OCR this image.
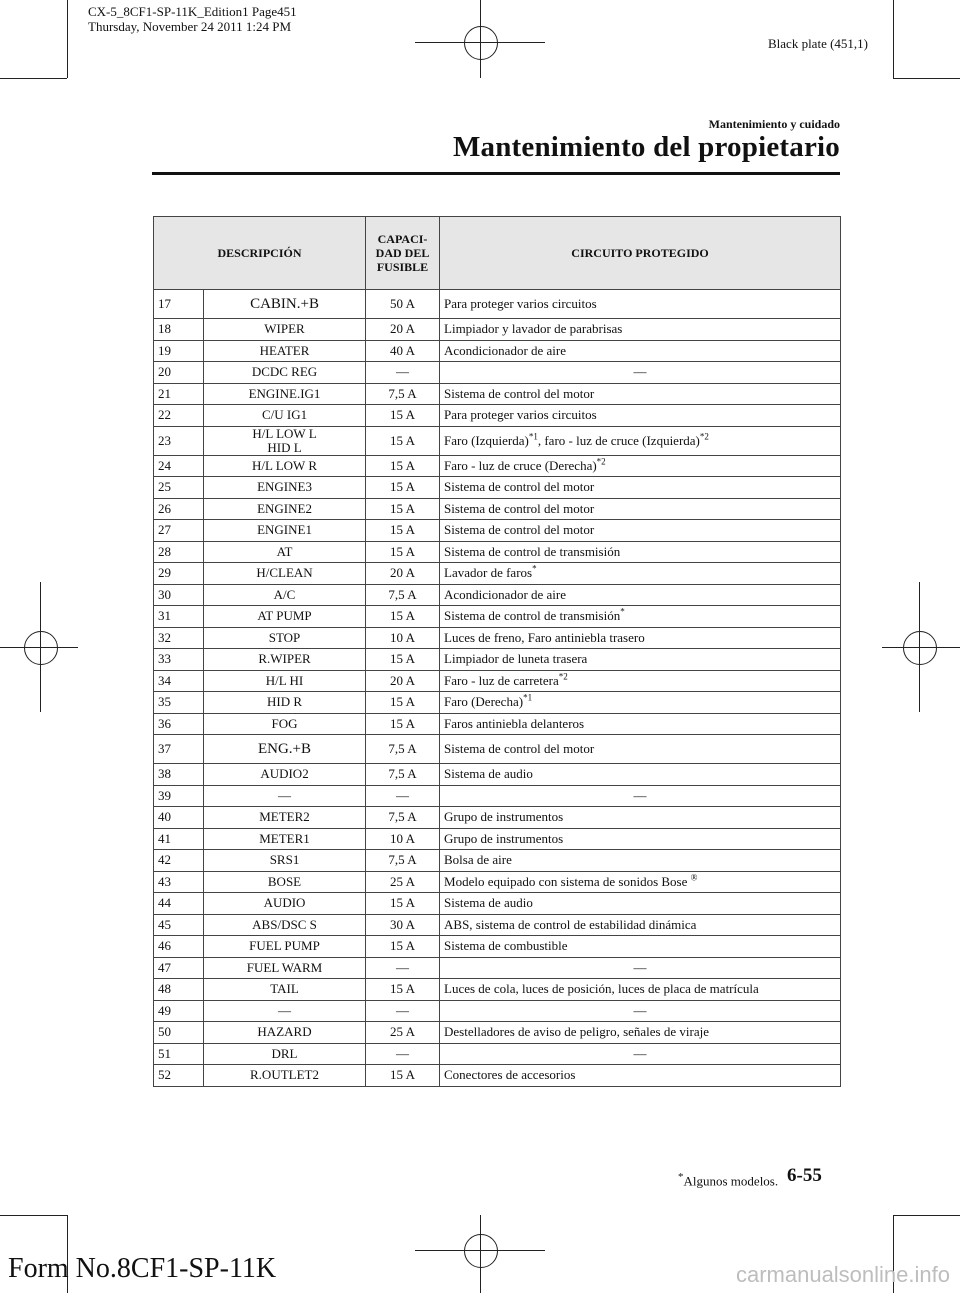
CX-5_8CF1-SP-11K_Edition1 Page451
Thursday, November 24 2011 1:24 PM
Black plate (451,1)
Mantenimiento y cuidado
Mantenimiento del propietario
DESCRIPCIÓN		CAPACI-
DAD DEL
FUSIBLE	CIRCUITO PROTEGIDO
17	CABIN.+B	50 A	Para proteger varios circuitos
18	WIPER	20 A	Limpiador y lavador de parabrisas
19	HEATER	40 A	Acondicionador de aire
20	DCDC REG	―	―
21	ENGINE.IG1	7,5 A	Sistema de control del motor
22	C/U IG1	15 A	Para proteger varios circuitos
23	H/L LOW L
HID L	15 A	Faro (Izquierda)$^{*1}$, faro - luz de cruce (Izquierda)$^{*2}$
24	H/L LOW R	15 A	Faro - luz de cruce (Derecha)$^{*2}$
25	ENGINE3	15 A	Sistema de control del motor
26	ENGINE2	15 A	Sistema de control del motor
27	ENGINE1	15 A	Sistema de control del motor
28	AT	15 A	Sistema de control de transmisión
29	H/CLEAN	20 A	Lavador de faros*
30	A/C	7,5 A	Acondicionador de aire
31	AT PUMP	15 A	Sistema de control de transmisión*
32	STOP	10 A	Luces de freno, Faro antiniebla trasero
33	R.WIPER	15 A	Limpiador de luneta trasera
34	H/L HI	20 A	Faro - luz de carretera$^{*2}$
35	HID R	15 A	Faro (Derecha)$^{*1}$
36	FOG	15 A	Faros antiniebla delanteros
37	ENG.+B	7,5 A	Sistema de control del motor
38	AUDIO2	7,5 A	Sistema de audio
39	―	―	―
40	METER2	7,5 A	Grupo de instrumentos
41	METER1	10 A	Grupo de instrumentos
42	SRS1	7,5 A	Bolsa de aire
43	BOSE	25 A	Modelo equipado con sistema de sonidos Bose ®
44	AUDIO	15 A	Sistema de audio
45	ABS/DSC S	30 A	ABS, sistema de control de estabilidad dinámica
46	FUEL PUMP	15 A	Sistema de combustible
47	FUEL WARM	―	―
48	TAIL	15 A	Luces de cola, luces de posición, luces de placa de matrícula
49	―	―	―
50	HAZARD	25 A	Destelladores de aviso de peligro, señales de viraje
51	DRL	―	―
52	R.OUTLET2	15 A	Conectores de accesorios
*Algunos modelos. 6-55
Form No.8CF1-SP-11K	carmanualsonline.info
